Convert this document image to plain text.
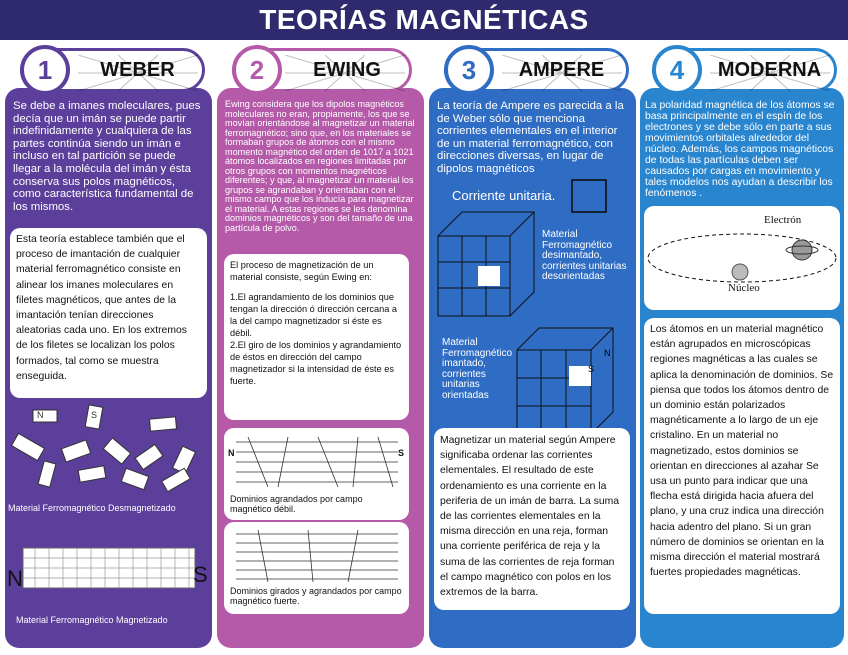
TEORÍAS MAGNÉTICAS
1	WEBER	2	EWING	3	AMPERE	4	MODERNA
Se debe a imanes moleculares, pues decía que un imán se puede partir indefinidamente y cualquiera de las partes continúa siendo un imán e incluso en tal partición se puede llegar a la molécula del imán y ésta conserva sus polos magnéticos, como característica fundamental de los mismos.

Esta teoría establece también que el proceso de imantación de cualquier material ferromagnético consiste en alinear los imanes moleculares en filetes magnéticos, que antes de la imantación tenían direcciones aleatorias cada uno. En los extremos de los filetes se localizan los polos formados, tal como se muestra enseguida.

N	S
Material Ferromagnético Desmagnetizado
N	S
Material Ferromagnético Magnetizado
Ewing considera que los dipolos magnéticos moleculares no eran, propiamente, los que se movían orientándose al magnetizar un material ferromagnético; sino que, en los materiales se formaban grupos de átomos con el mismo momento magnético del orden de 1017 a 1021 átomos localizados en regiones limitadas por otros grupos con momentos magnéticos diferentes; y que, al magnetizar un material los grupos se agrandaban y orientaban con el mismo campo que los inducía para magnetizar el material. A estas regiones se les denomina dominios magnéticos y son del tamaño de una partícula de polvo.

El proceso de magnetización de un material consiste, según Ewing en:

1.El agrandamiento de los dominios que tengan la dirección ó dirección cercana a la del campo magnetizador si éste es débil.

2.El giro de los dominios y agrandamiento de éstos en dirección del campo magnetizador si la intensidad de éste es fuerte.

N	S
Dominios agrandados por campo magnético débil.
Dominios girados y agrandados por campo magnético fuerte.
La teoría de Ampere es parecida a la de Weber sólo que menciona corrientes elementales en el interior de un material ferromagnético, con direcciones diversas, en lugar de dipolos magnéticos
Corriente unitaria.
Material Ferromagnético desimantado, corrientes unitarias desorientadas
N
S
Material Ferromagnético imantado, corrientes unitarias orientadas

Magnetizar un material según Ampere significaba ordenar las corrientes elementales. El resultado de este ordenamiento es una corriente en la periferia de un imán de barra. La suma de las corrientes elementales en la misma dirección en una reja, forman una corriente periférica de reja y la suma de las corrientes de reja forman el campo magnético con polos en los extremos de la barra.

La polaridad magnética de los átomos se basa principalmente en el espín de los electrones y se debe sólo en parte a sus movimientos orbitales alrededor del núcleo. Además, los campos magnéticos de todas las partículas deben ser causados por cargas en movimiento y tales modelos nos ayudan a describir los fenómenos .
Electrón
Núcleo

Los átomos en un material magnético están agrupados en microscópicas regiones magnéticas a las cuales se aplica la denominación de dominios. Se piensa que todos los átomos dentro de un dominio están polarizados magnéticamente a lo largo de un eje cristalino. En un material no magnetizado, estos dominios se orientan en direcciones al azahar Se usa un punto para indicar que una flecha está dirigida hacia afuera del plano, y una cruz indica una dirección hacia adentro del plano. Si un gran número de dominios se orientan en la misma dirección el material mostrará fuertes propiedades magnéticas.
